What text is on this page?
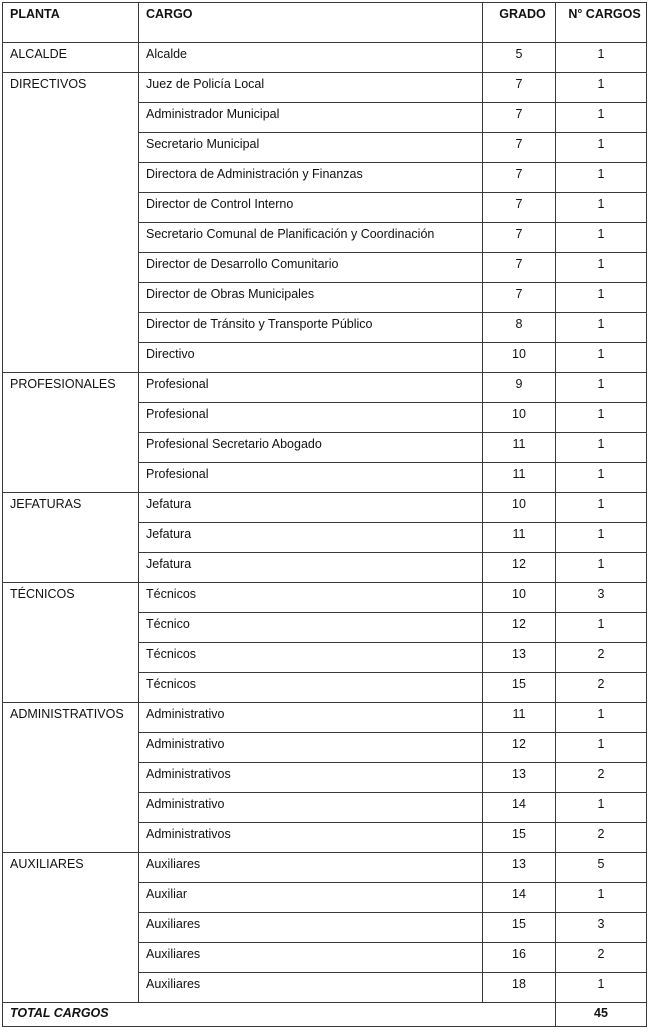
PLANTA	CARGO	GRADO	N° CARGOS
ALCALDE	Alcalde	5	1
DIRECTIVOS	Juez de Policía Local	7	1
	Administrador Municipal	7	1
	Secretario Municipal	7	1
	Directora de Administración y Finanzas	7	1
	Director de Control Interno	7	1
	Secretario Comunal de Planificación y Coordinación	7	1
	Director de Desarrollo Comunitario	7	1
	Director de Obras Municipales	7	1
	Director de Tránsito y Transporte Público	8	1
	Directivo	10	1
PROFESIONALES	Profesional	9	1
	Profesional	10	1
	Profesional Secretario Abogado	11	1
	Profesional	11	1
JEFATURAS	Jefatura	10	1
	Jefatura	11	1
	Jefatura	12	1
TÉCNICOS	Técnicos	10	3
	Técnico	12	1
	Técnicos	13	2
	Técnicos	15	2
ADMINISTRATIVOS	Administrativo	11	1
	Administrativo	12	1
	Administrativos	13	2
	Administrativo	14	1
	Administrativos	15	2
AUXILIARES	Auxiliares	13	5
	Auxiliar	14	1
	Auxiliares	15	3
	Auxiliares	16	2
	Auxiliares	18	1
TOTAL CARGOS			45
